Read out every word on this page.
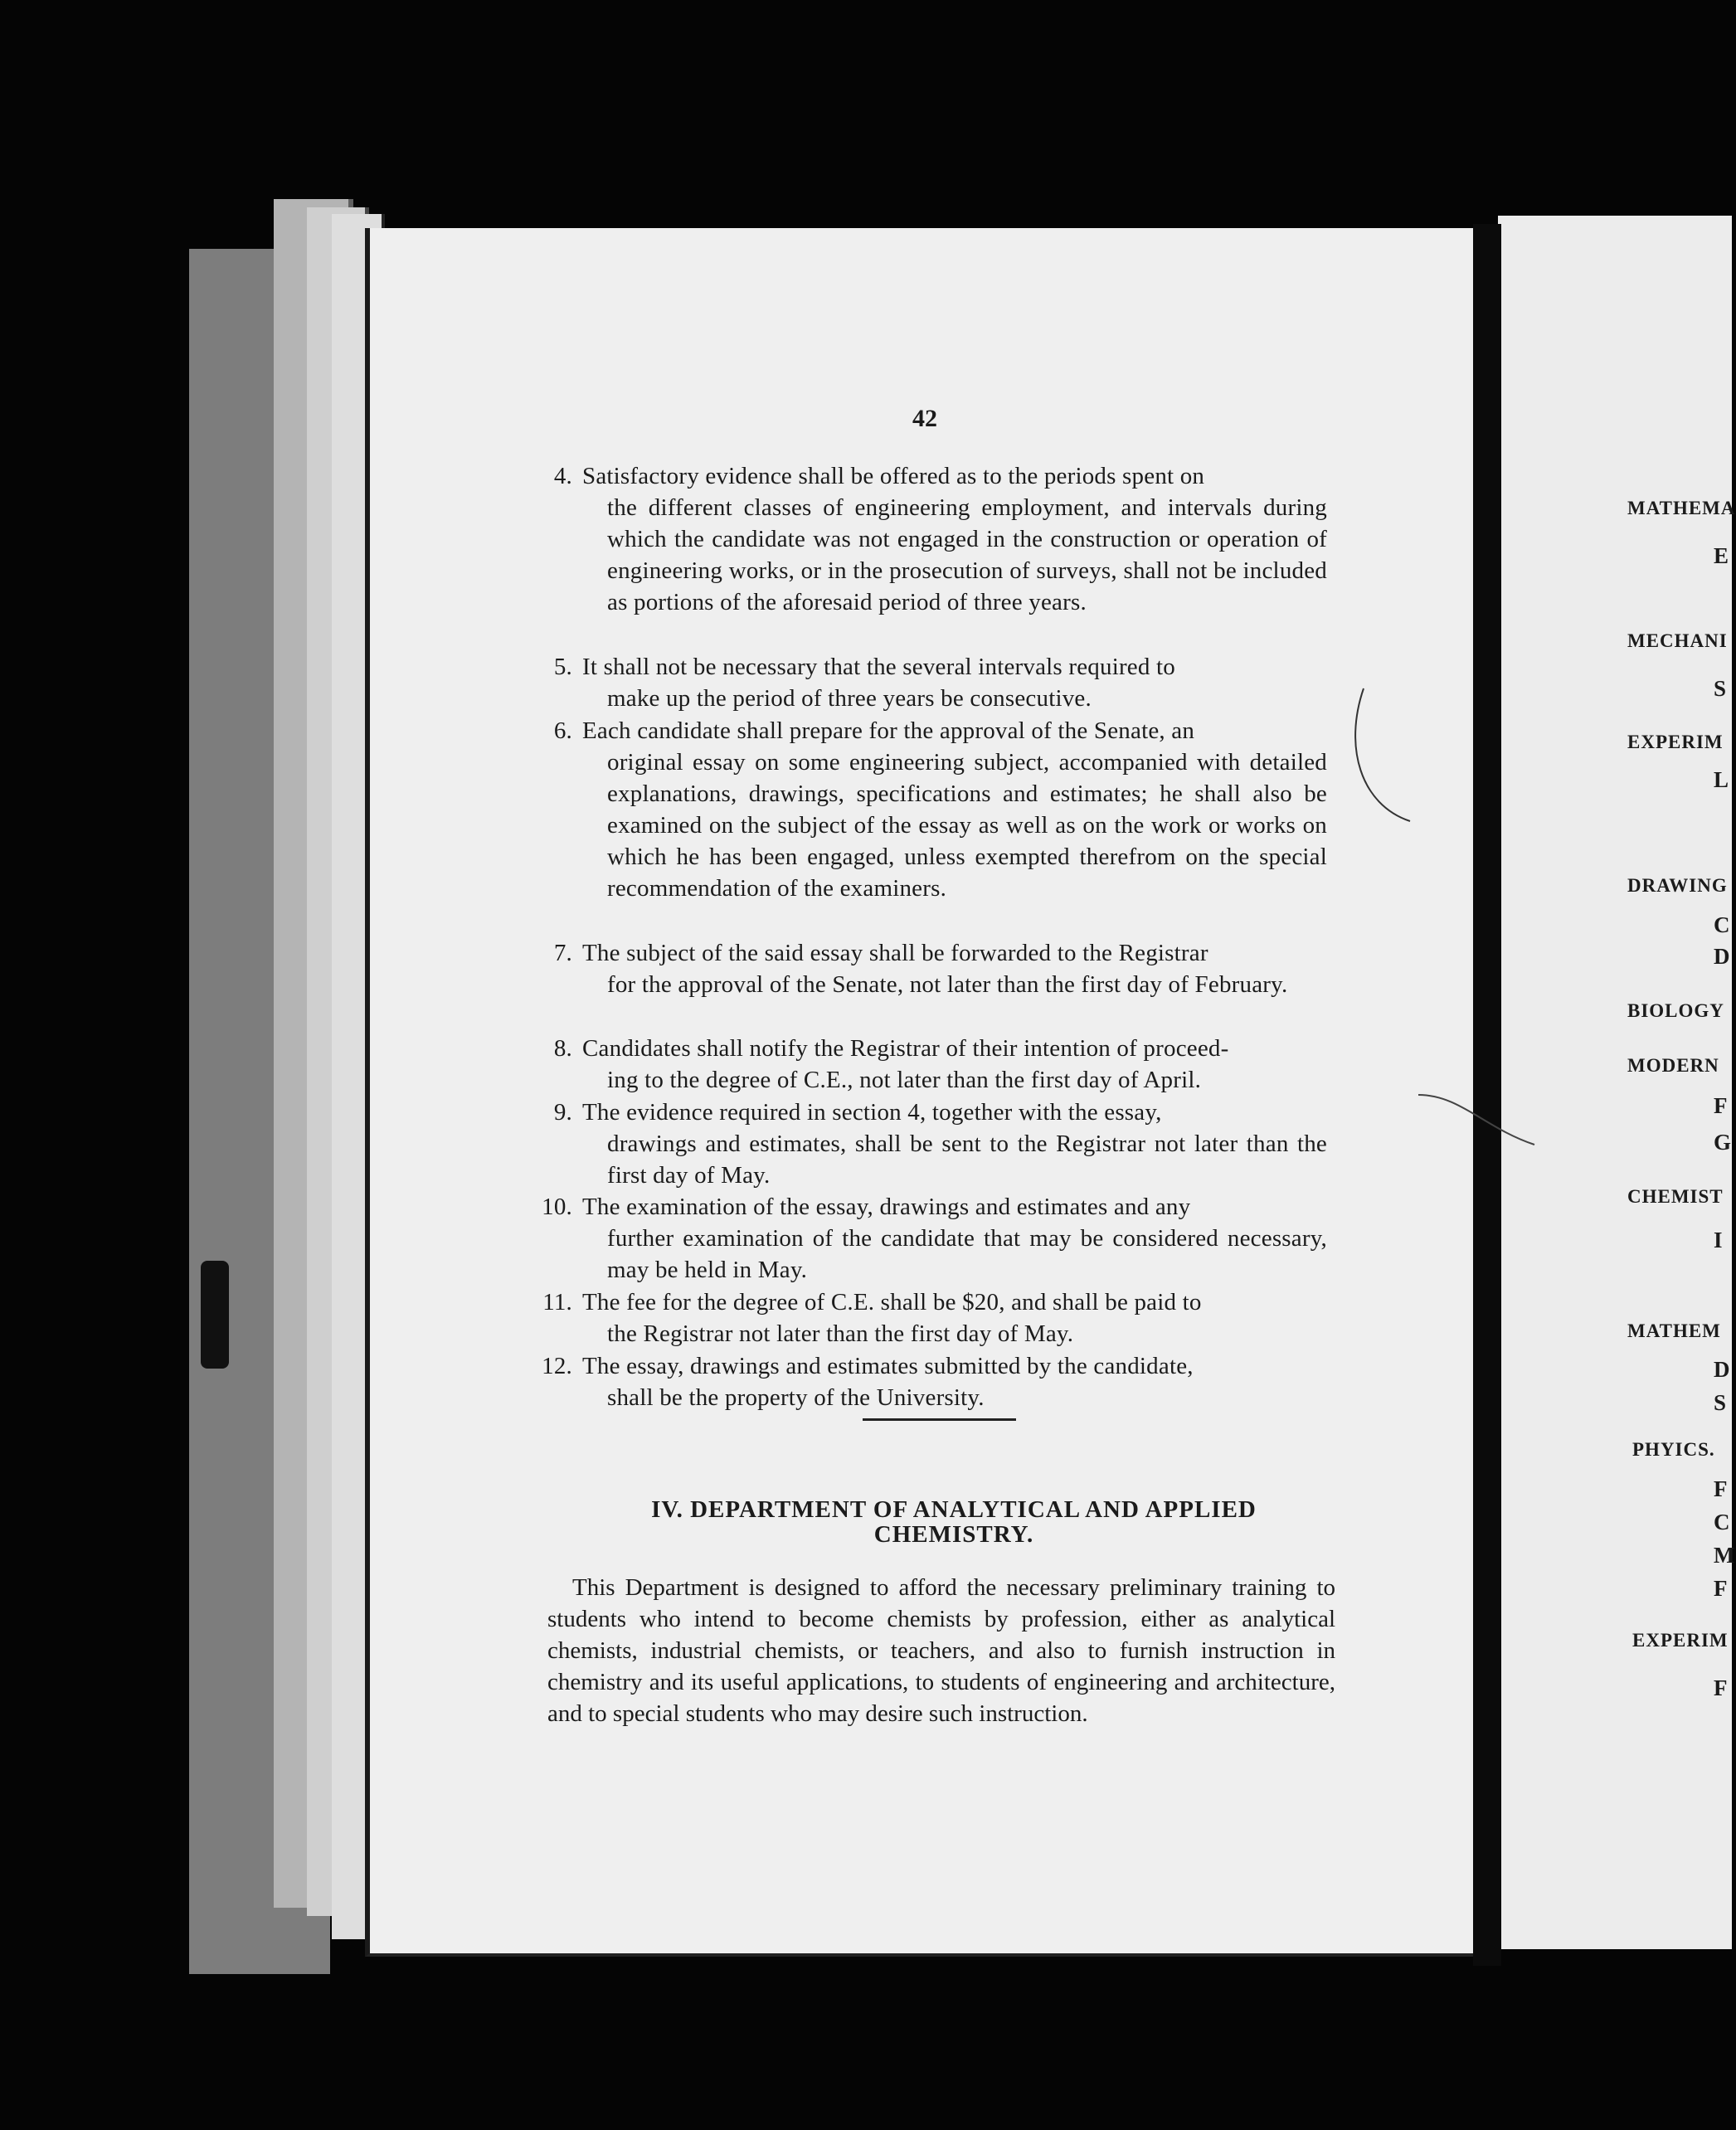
42
4. Satisfactory evidence shall be offered as to the periods spent on
the different classes of engineering employment, and intervals during which the candidate was not engaged in the construction or operation of engineering works, or in the prosecution of surveys, shall not be included as portions of the aforesaid period of three years.
5. It shall not be necessary that the several intervals required to
make up the period of three years be consecutive.
6. Each candidate shall prepare for the approval of the Senate, an
original essay on some engineering subject, accompanied with detailed explanations, drawings, specifications and estimates; he shall also be examined on the subject of the essay as well as on the work or works on which he has been engaged, unless exempted therefrom on the special recommendation of the examiners.
7. The subject of the said essay shall be forwarded to the Registrar
for the approval of the Senate, not later than the first day of February.
8. Candidates shall notify the Registrar of their intention of proceed-
ing to the degree of C.E., not later than the first day of April.
9. The evidence required in section 4, together with the essay,
drawings and estimates, shall be sent to the Registrar not later than the first day of May.
10. The examination of the essay, drawings and estimates and any
further examination of the candidate that may be considered necessary, may be held in May.
11. The fee for the degree of C.E. shall be $20, and shall be paid to
the Registrar not later than the first day of May.
12. The essay, drawings and estimates submitted by the candidate,
shall be the property of the University.
IV. DEPARTMENT OF ANALYTICAL AND APPLIED
CHEMISTRY.
This Department is designed to afford the necessary preliminary training to students who intend to become chemists by profession, either as analytical chemists, industrial chemists, or teachers, and also to furnish instruction in chemistry and its useful applications, to students of engineering and architecture, and to special students who may desire such instruction.
MATHEMA
E
MECHANI
S
EXPERIM
L
DRAWING
C
D
BIOLOGY
MODERN
F
G
CHEMIST
I
MATHEM
D
S
PHYICS.
F
C
M
F
EXPERIM
F
